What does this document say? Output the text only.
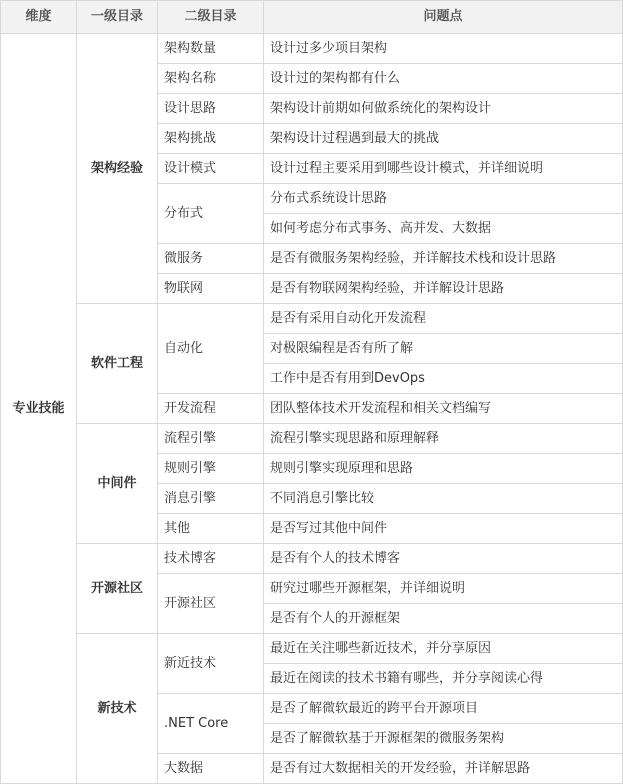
维度	一级目录	二级目录	问题点
专业技能	架构经验	架构数量	设计过多少项目架构
		架构名称	设计过的架构都有什么
		设计思路	架构设计前期如何做系统化的架构设计
		架构挑战	架构设计过程遇到最大的挑战
		设计模式	设计过程主要采用到哪些设计模式，并详细说明
		分布式	分布式系统设计思路
			如何考虑分布式事务、高并发、大数据
		微服务	是否有微服务架构经验，并详解技术栈和设计思路
		物联网	是否有物联网架构经验，并详解设计思路
	软件工程	自动化	是否有采用自动化开发流程
			对极限编程是否有所了解
			工作中是否有用到DevOps
		开发流程	团队整体技术开发流程和相关文档编写
	中间件	流程引擎	流程引擎实现思路和原理解释
		规则引擎	规则引擎实现原理和思路
		消息引擎	不同消息引擎比较
		其他	是否写过其他中间件
	开源社区	技术博客	是否有个人的技术博客
		开源社区	研究过哪些开源框架，并详细说明
			是否有个人的开源框架
	新技术	新近技术	最近在关注哪些新近技术，并分享原因
			最近在阅读的技术书籍有哪些，并分享阅读心得
		.NET Core	是否了解微软最近的跨平台开源项目
			是否了解微软基于开源框架的微服务架构
		大数据	是否有过大数据相关的开发经验，并详解思路
